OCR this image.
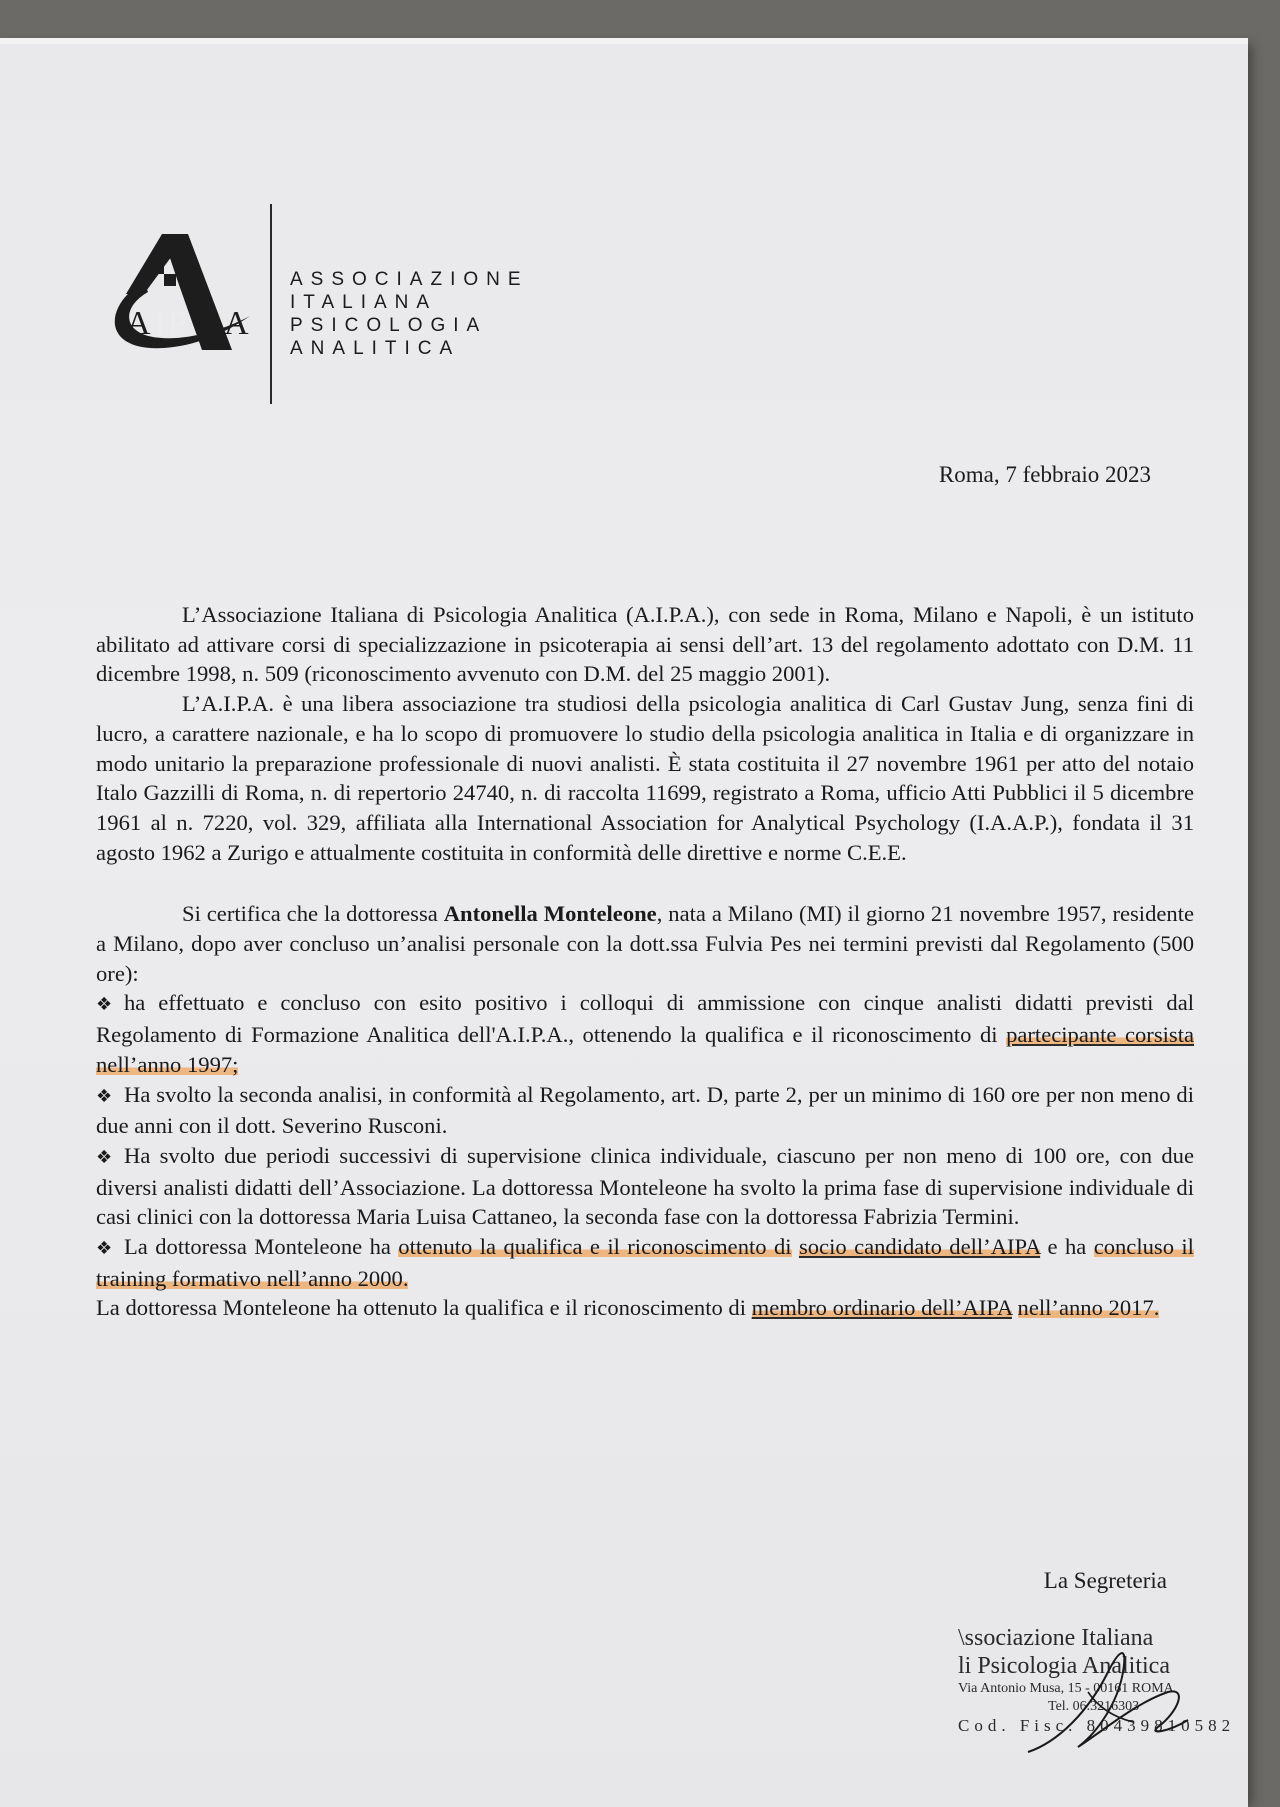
A I P A
ASSOCIAZIONE
ITALIANA
PSICOLOGIA
ANALITICA
Roma, 7 febbraio 2023

L’Associazione Italiana di Psicologia Analitica (A.I.P.A.), con sede in Roma, Milano e Napoli, è un istituto abilitato ad attivare corsi di specializzazione in psicoterapia ai sensi dell’art. 13 del regolamento adottato con D.M. 11 dicembre 1998, n. 509 (riconoscimento avvenuto con D.M. del 25 maggio 2001).

L’A.I.P.A. è una libera associazione tra studiosi della psicologia analitica di Carl Gustav Jung, senza fini di lucro, a carattere nazionale, e ha lo scopo di promuovere lo studio della psicologia analitica in Italia e di organizzare in modo unitario la preparazione professionale di nuovi analisti. È stata costituita il 27 novembre 1961 per atto del notaio Italo Gazzilli di Roma, n. di repertorio 24740, n. di raccolta 11699, registrato a Roma, ufficio Atti Pubblici il 5 dicembre 1961 al n. 7220, vol. 329, affiliata alla International Association for Analytical Psychology (I.A.A.P.), fondata il 31 agosto 1962 a Zurigo e attualmente costituita in conformità delle direttive e norme C.E.E.

Si certifica che la dottoressa Antonella Monteleone, nata a Milano (MI) il giorno 21 novembre 1957, residente a Milano, dopo aver concluso un’analisi personale con la dott.ssa Fulvia Pes nei termini previsti dal Regolamento (500 ore):

❖ ha effettuato e concluso con esito positivo i colloqui di ammissione con cinque analisti didatti previsti dal Regolamento di Formazione Analitica dell'A.I.P.A., ottenendo la qualifica e il riconoscimento di partecipante corsista nell’anno 1997;

❖ Ha svolto la seconda analisi, in conformità al Regolamento, art. D, parte 2, per un minimo di 160 ore per non meno di due anni con il dott. Severino Rusconi.

❖ Ha svolto due periodi successivi di supervisione clinica individuale, ciascuno per non meno di 100 ore, con due diversi analisti didatti dell’Associazione. La dottoressa Monteleone ha svolto la prima fase di supervisione individuale di casi clinici con la dottoressa Maria Luisa Cattaneo, la seconda fase con la dottoressa Fabrizia Termini.

❖ La dottoressa Monteleone ha ottenuto la qualifica e il riconoscimento di socio candidato dell’AIPA e ha concluso il training formativo nell’anno 2000.

La dottoressa Monteleone ha ottenuto la qualifica e il riconoscimento di membro ordinario dell’AIPA nell’anno 2017.

La Segreteria
\ssociazione Italiana
li Psicologia Analitica
Via Antonio Musa, 15 - 00161 ROMA
Tel. 06.3216303
Cod. Fisc. 80439810582
